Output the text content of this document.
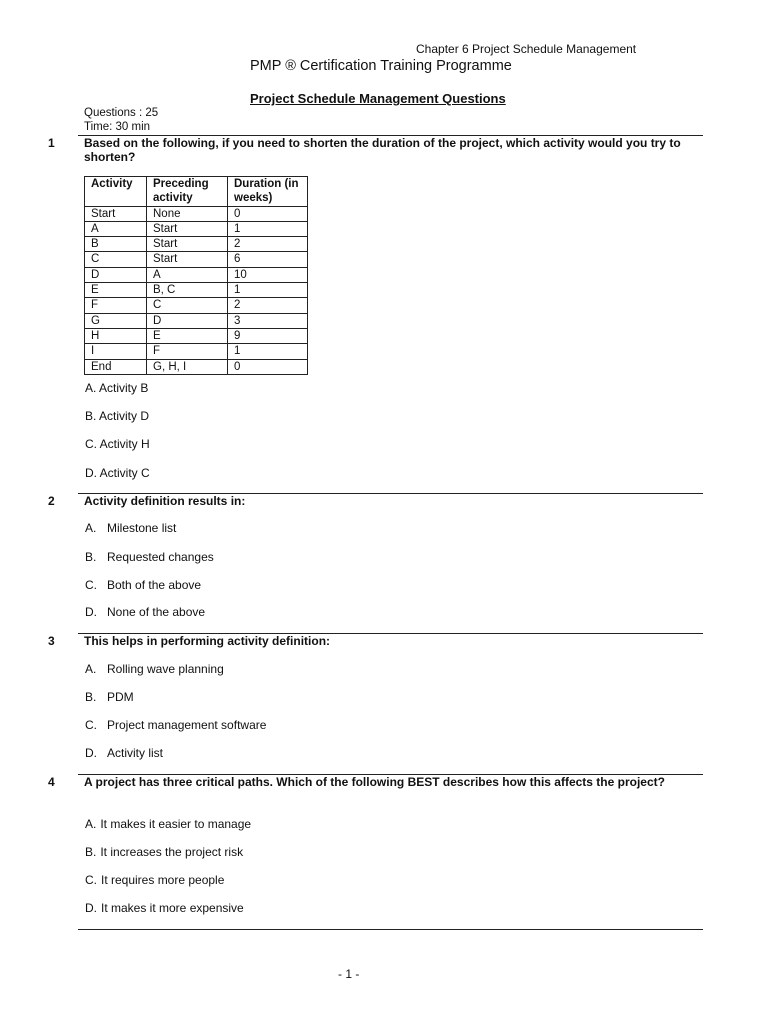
Chapter 6 Project Schedule Management
PMP ® Certification Training Programme
Project Schedule Management Questions
Questions : 25
Time: 30 min
1 Based on the following, if you need to shorten the duration of the project, which activity would you try to shorten?
Activity	Preceding activity	Duration (in weeks)
Start	None	0
A	Start	1
B	Start	2
C	Start	6
D	A	10
E	B, C	1
F	C	2
G	D	3
H	E	9
I	F	1
End	G, H, I	0
A. Activity B
B. Activity D
C. Activity H
D. Activity C
2 Activity definition results in:
A. Milestone list
B. Requested changes
C. Both of the above
D. None of the above
3 This helps in performing activity definition:
A. Rolling wave planning
B. PDM
C. Project management software
D. Activity list
4 A project has three critical paths. Which of the following BEST describes how this affects the project?
A. It makes it easier to manage
B. It increases the project risk
C. It requires more people
D. It makes it more expensive
- 1 -
